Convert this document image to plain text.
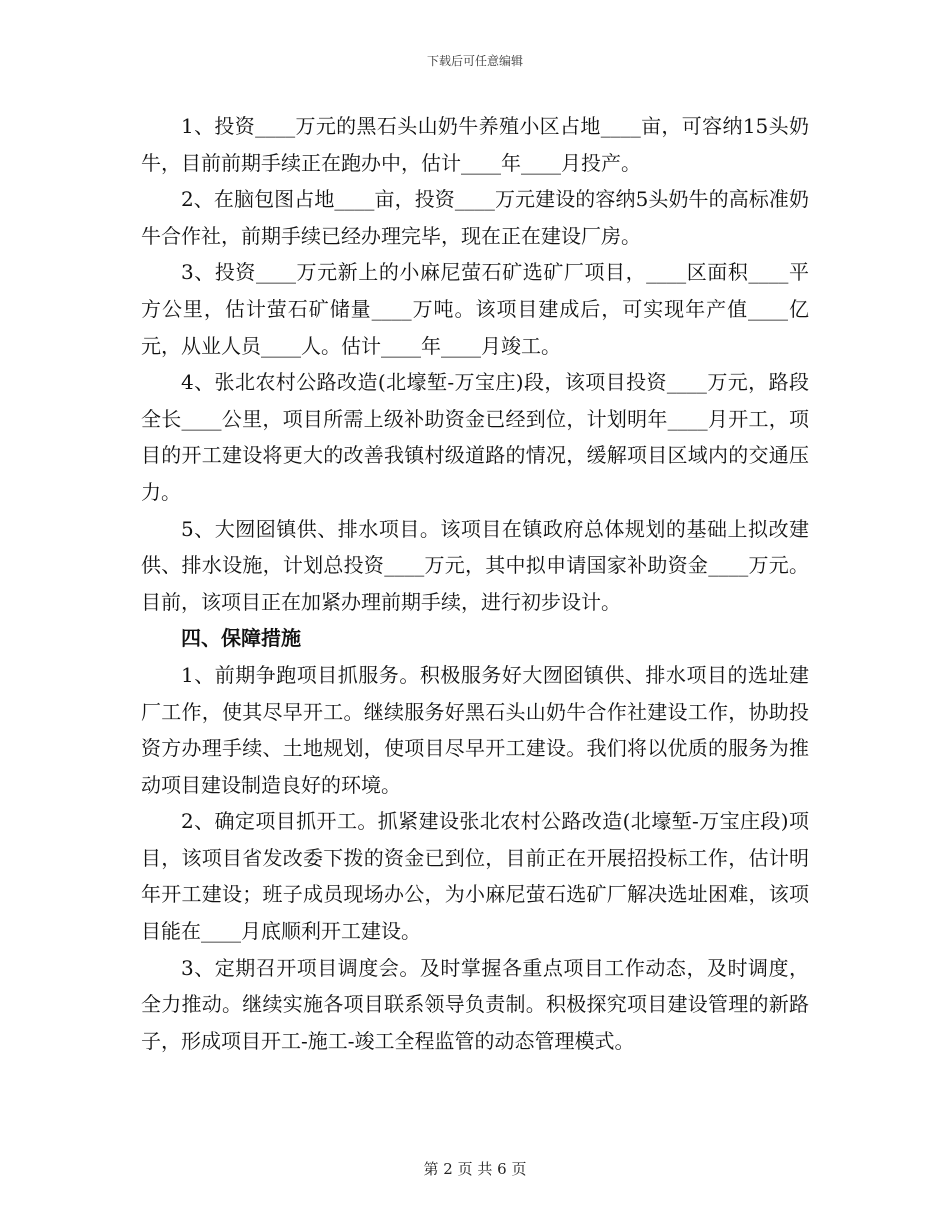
下载后可任意编辑

1、投资____万元的黑石头山奶牛养殖小区占地____亩，可容纳15头奶牛，目前前期手续正在跑办中，估计____年____月投产。

2、在脑包图占地____亩，投资____万元建设的容纳5头奶牛的高标准奶牛合作社，前期手续已经办理完毕，现在正在建设厂房。

3、投资____万元新上的小麻尼萤石矿选矿厂项目，____区面积____平方公里，估计萤石矿储量____万吨。该项目建成后，可实现年产值____亿元，从业人员____人。估计____年____月竣工。

4、张北农村公路改造(北壕堑-万宝庄)段，该项目投资____万元，路段全长____公里，项目所需上级补助资金已经到位，计划明年____月开工，项目的开工建设将更大的改善我镇村级道路的情况，缓解项目区域内的交通压力。

5、大囫囵镇供、排水项目。该项目在镇政府总体规划的基础上拟改建供、排水设施，计划总投资____万元，其中拟申请国家补助资金____万元。目前，该项目正在加紧办理前期手续，进行初步设计。

四、保障措施

1、前期争跑项目抓服务。积极服务好大囫囵镇供、排水项目的选址建厂工作，使其尽早开工。继续服务好黑石头山奶牛合作社建设工作，协助投资方办理手续、土地规划，使项目尽早开工建设。我们将以优质的服务为推动项目建设制造良好的环境。

2、确定项目抓开工。抓紧建设张北农村公路改造(北壕堑-万宝庄段)项目，该项目省发改委下拨的资金已到位，目前正在开展招投标工作，估计明年开工建设；班子成员现场办公，为小麻尼萤石选矿厂解决选址困难，该项目能在____月底顺利开工建设。

3、定期召开项目调度会。及时掌握各重点项目工作动态，及时调度，全力推动。继续实施各项目联系领导负责制。积极探究项目建设管理的新路子，形成项目开工-施工-竣工全程监管的动态管理模式。

第 2 页 共 6 页
